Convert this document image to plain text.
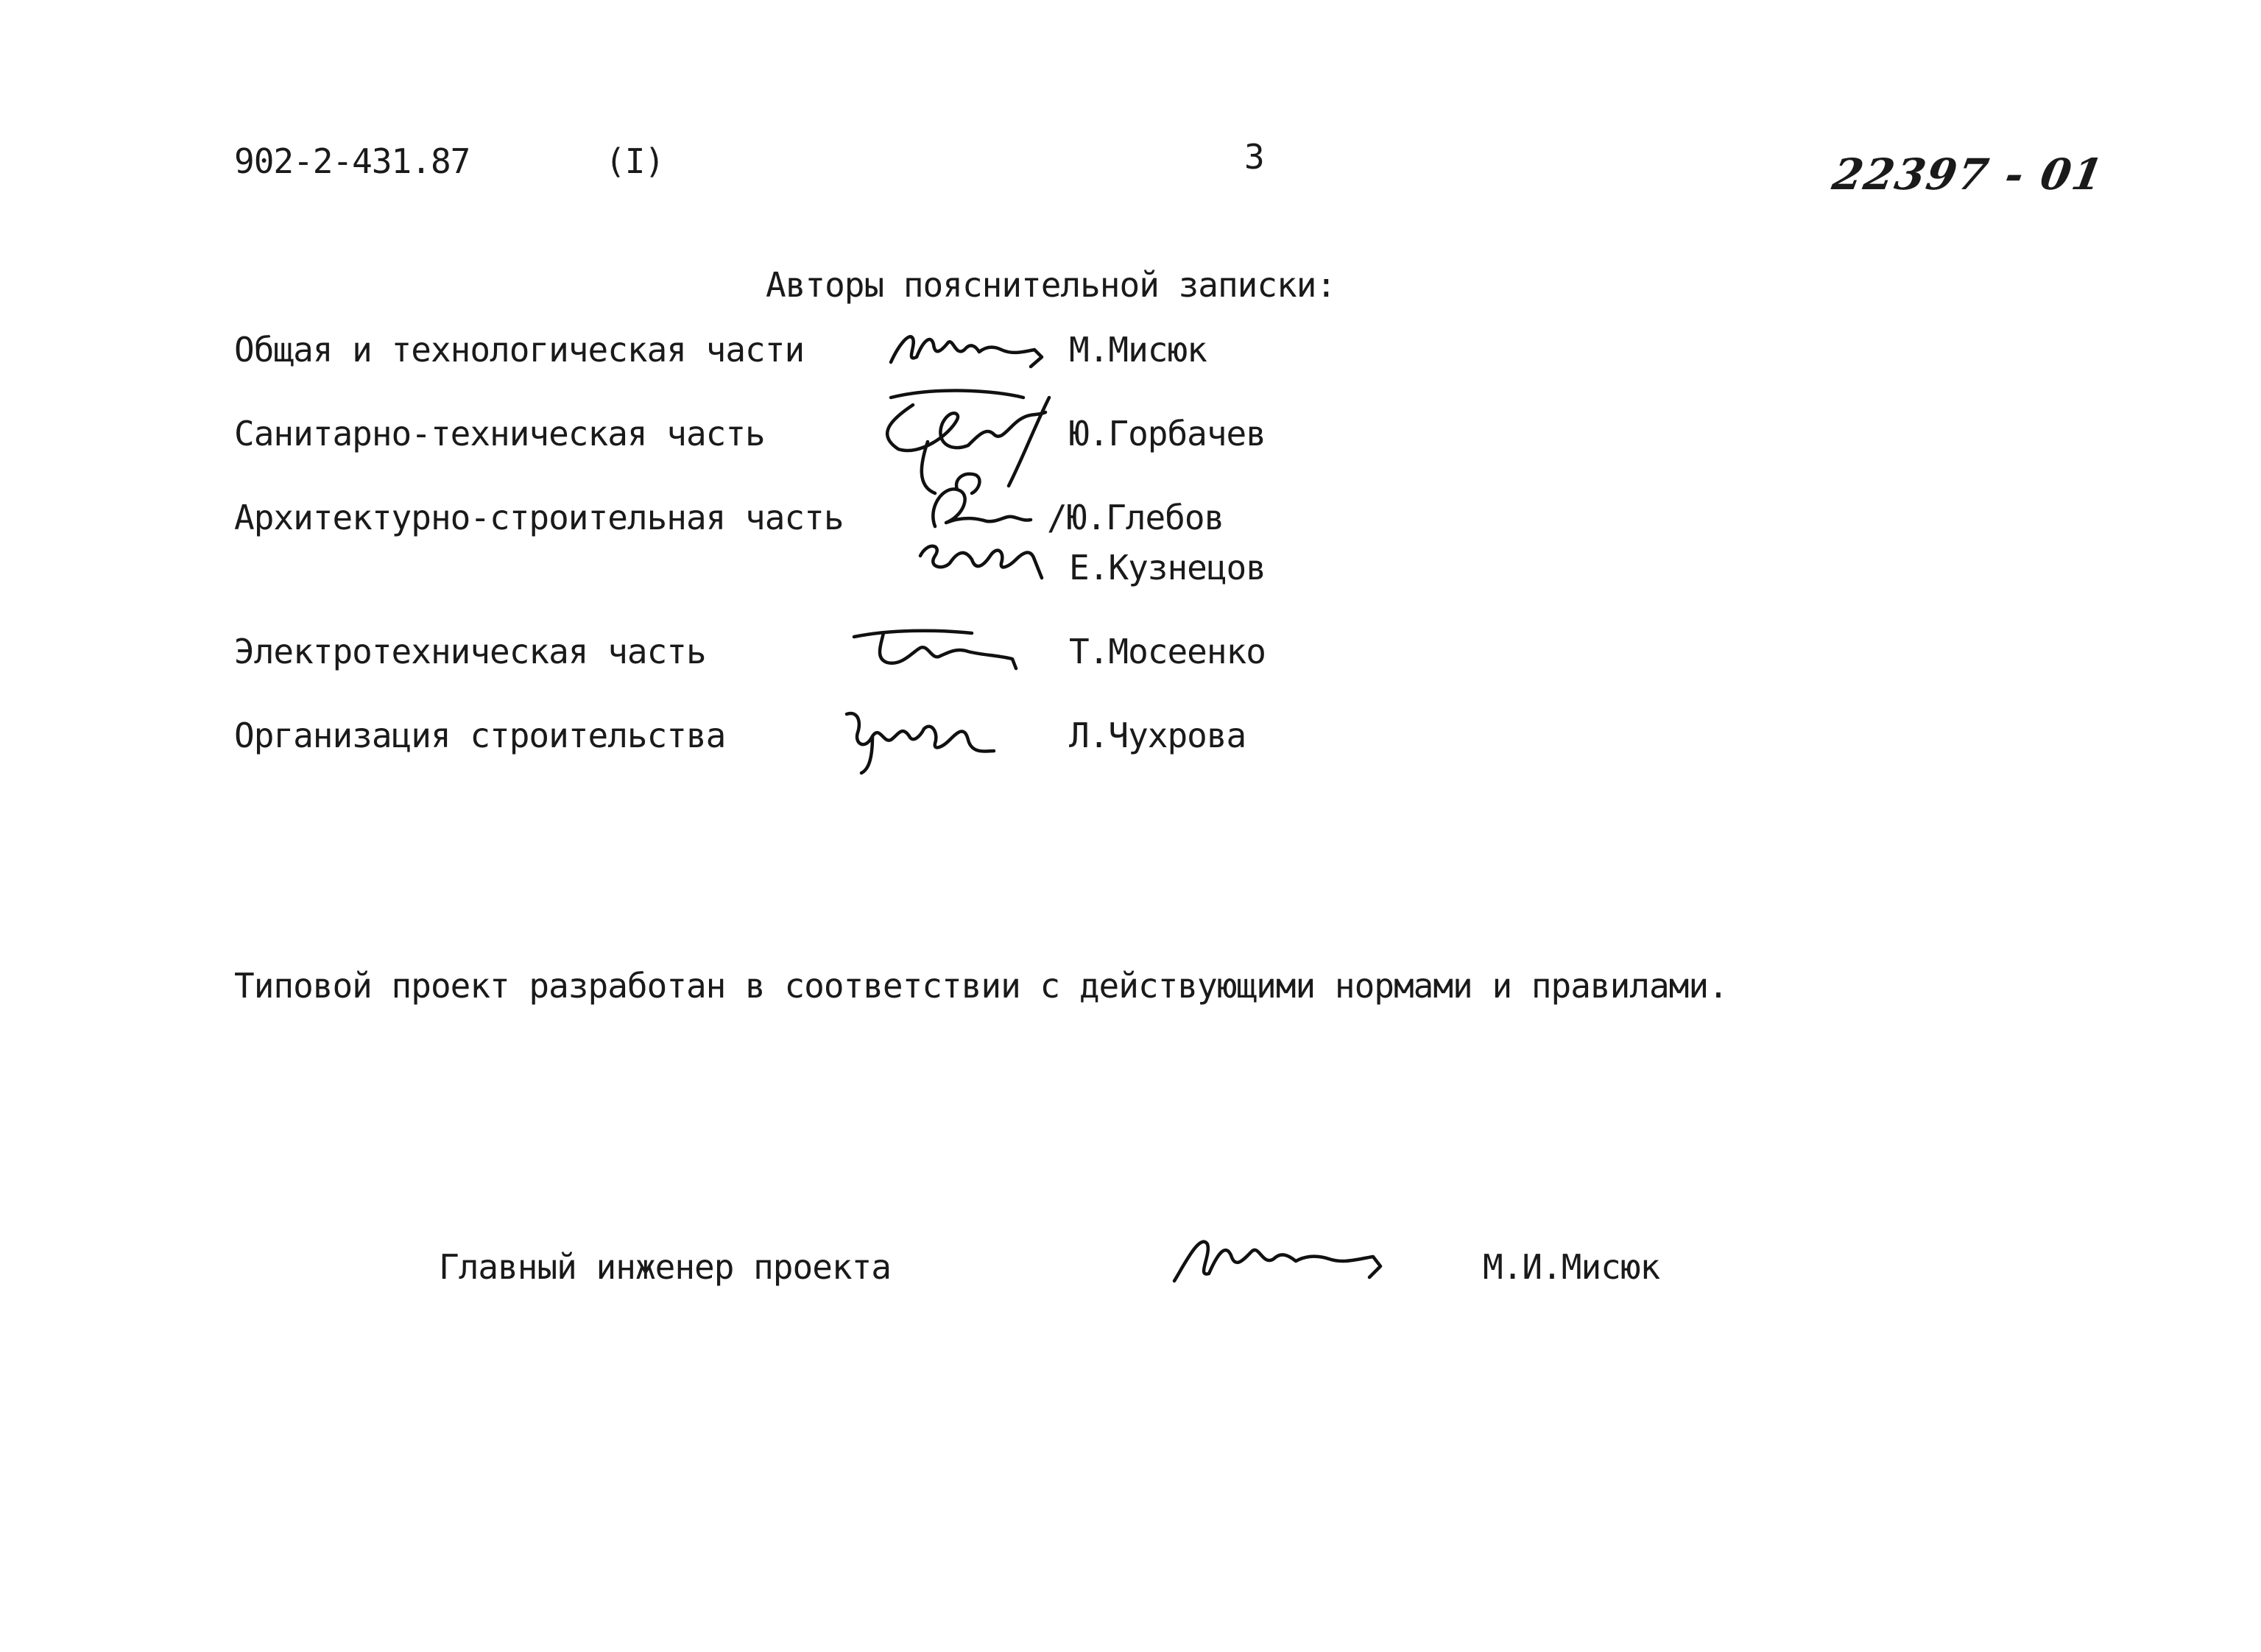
902-2-431.87	(I)	3	22397 - 01
Авторы пояснительной записки:
Общая и технологическая части	М.Мисюк
Санитарно-техническая часть	Ю.Горбачев
Архитектурно-строительная часть	/Ю.Глебов
Е.Кузнецов
Электротехническая часть	Т.Мосеенко
Организация строительства	Л.Чухрова
Типовой проект разработан в соответствии с действующими нормами и правилами.
Главный инженер проекта	М.И.Мисюк
